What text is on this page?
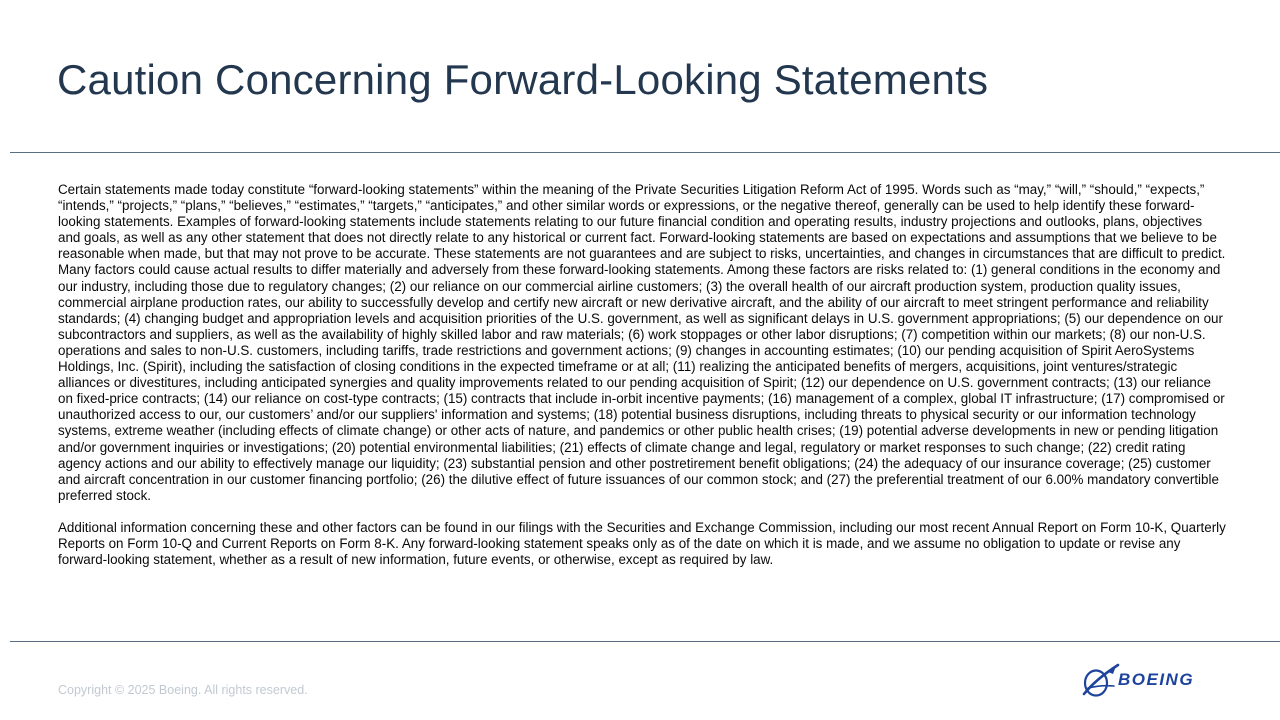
Caution Concerning Forward-Looking Statements

Certain statements made today constitute “forward-looking statements” within the meaning of the Private Securities Litigation Reform Act of 1995. Words such as “may,” “will,” “should,” “expects,” “intends,” “projects,” “plans,” “believes,” “estimates,” “targets,” “anticipates,” and other similar words or expressions, or the negative thereof, generally can be used to help identify these forward-looking statements. Examples of forward-looking statements include statements relating to our future financial condition and operating results, industry projections and outlooks, plans, objectives and goals, as well as any other statement that does not directly relate to any historical or current fact. Forward-looking statements are based on expectations and assumptions that we believe to be reasonable when made, but that may not prove to be accurate. These statements are not guarantees and are subject to risks, uncertainties, and changes in circumstances that are difficult to predict. Many factors could cause actual results to differ materially and adversely from these forward-looking statements. Among these factors are risks related to: (1) general conditions in the economy and our industry, including those due to regulatory changes; (2) our reliance on our commercial airline customers; (3) the overall health of our aircraft production system, production quality issues, commercial airplane production rates, our ability to successfully develop and certify new aircraft or new derivative aircraft, and the ability of our aircraft to meet stringent performance and reliability standards; (4) changing budget and appropriation levels and acquisition priorities of the U.S. government, as well as significant delays in U.S. government appropriations; (5) our dependence on our subcontractors and suppliers, as well as the availability of highly skilled labor and raw materials; (6) work stoppages or other labor disruptions; (7) competition within our markets; (8) our non-U.S. operations and sales to non-U.S. customers, including tariffs, trade restrictions and government actions; (9) changes in accounting estimates; (10) our pending acquisition of Spirit AeroSystems Holdings, Inc. (Spirit), including the satisfaction of closing conditions in the expected timeframe or at all; (11) realizing the anticipated benefits of mergers, acquisitions, joint ventures/strategic alliances or divestitures, including anticipated synergies and quality improvements related to our pending acquisition of Spirit; (12) our dependence on U.S. government contracts; (13) our reliance on fixed-price contracts; (14) our reliance on cost-type contracts; (15) contracts that include in-orbit incentive payments; (16) management of a complex, global IT infrastructure; (17) compromised or unauthorized access to our, our customers’ and/or our suppliers' information and systems; (18) potential business disruptions, including threats to physical security or our information technology systems, extreme weather (including effects of climate change) or other acts of nature, and pandemics or other public health crises; (19) potential adverse developments in new or pending litigation and/or government inquiries or investigations; (20) potential environmental liabilities; (21) effects of climate change and legal, regulatory or market responses to such change; (22) credit rating agency actions and our ability to effectively manage our liquidity; (23) substantial pension and other postretirement benefit obligations; (24) the adequacy of our insurance coverage; (25) customer and aircraft concentration in our customer financing portfolio; (26) the dilutive effect of future issuances of our common stock; and (27) the preferential treatment of our 6.00% mandatory convertible preferred stock.

Additional information concerning these and other factors can be found in our filings with the Securities and Exchange Commission, including our most recent Annual Report on Form 10-K, Quarterly Reports on Form 10-Q and Current Reports on Form 8-K. Any forward-looking statement speaks only as of the date on which it is made, and we assume no obligation to update or revise any forward-looking statement, whether as a result of new information, future events, or otherwise, except as required by law.

Copyright © 2025 Boeing. All rights reserved.
BOEING
